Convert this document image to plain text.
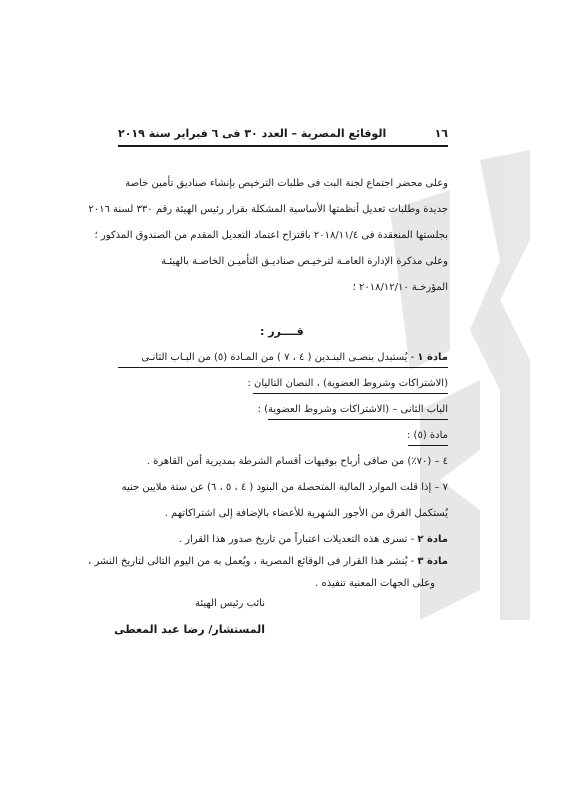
١٦
الوقائع المصرية – العدد ٣٠ فى ٦ فبراير سنة ٢٠١٩
وعلى محضر اجتماع لجنة البت فى طلبات الترخيص بإنشاء صناديق تأمين خاصة
جديدة وطلبات تعديل أنظمتها الأساسية المشكلة بقرار رئيس الهيئة رقم ٣٣٠ لسنة ٢٠١٦
بجلستها المنعقدة فى ٢٠١٨/١١/٤ باقتراح اعتماد التعديل المقدم من الصندوق المذكور ؛
وعلى مذكرة الإدارة العامـة لترخيـص صناديـق التأميـن الخاصـة بالهيئـة
المؤرخـة ٢٠١٨/١٢/١٠ ؛
قــــرر :
مادة ١ - يُستبدل بنصـى البنـدين ( ٤ ، ٧ ) من المـادة (٥) من البـاب الثانـى
(الاشتراكات وشروط العضوية) ، النصان التاليان :
الباب الثانى – (الاشتراكات وشروط العضوية) :
مادة (٥) :
٤ – (٧٠٪) من صافى أرباح بوفيهات أقسام الشرطة بمديرية أمن القاهرة .
٧ – إذا قلت الموارد المالية المتحصلة من البنود ( ٤ ، ٥ ، ٦) عن ستة ملايين جنيه
يُستكمل الفرق من الأجور الشهرية للأعضاء بالإضافة إلى اشتراكاتهم .
مادة ٢ - تسرى هذه التعديلات اعتباراً من تاريخ صدور هذا القرار .
مادة ٣ - يُنشر هذا القرار فى الوقائع المصرية ، ويُعمل به من اليوم التالى لتاريخ النشر ،
وعلى الجهات المعنية تنفيذه .
نائب رئيس الهيئة
المستشار/ رضا عبد المعطى
